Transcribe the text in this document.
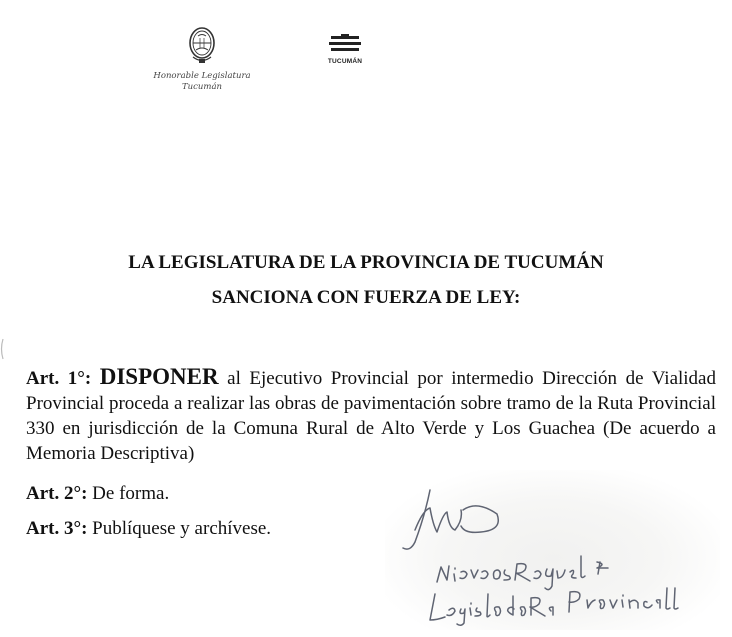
Honorable Legislatura
Tucumán
TUCUMÁN
LA LEGISLATURA DE LA PROVINCIA DE TUCUMÁN
SANCIONA CON FUERZA DE LEY:
Art. 1°: DISPONER al Ejecutivo Provincial por intermedio Dirección de Vialidad Provincial proceda a realizar las obras de pavimentación sobre tramo de la Ruta Provincial 330 en jurisdicción de la Comuna Rural de Alto Verde y Los Guachea (De acuerdo a Memoria Descriptiva)
Art. 2°: De forma.
Art. 3°: Publíquese y archívese.
